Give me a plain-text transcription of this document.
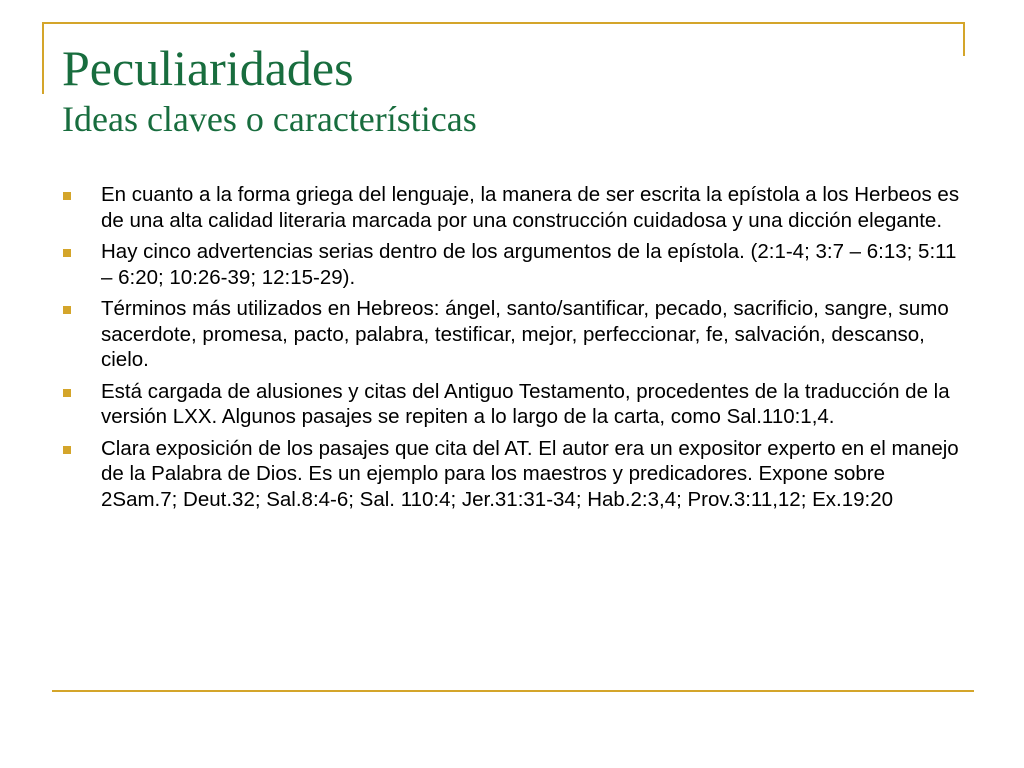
Peculiaridades
Ideas claves o características
En cuanto a la forma griega del lenguaje, la manera de ser escrita la epístola a los Herbeos es de una alta calidad literaria marcada por una construcción cuidadosa y una dicción elegante.
Hay cinco advertencias serias dentro de los argumentos de la epístola. (2:1-4; 3:7 – 6:13; 5:11 – 6:20; 10:26-39; 12:15-29).
Términos más utilizados en Hebreos: ángel, santo/santificar, pecado, sacrificio, sangre, sumo sacerdote, promesa, pacto, palabra, testificar, mejor, perfeccionar, fe, salvación, descanso, cielo.
Está cargada de alusiones y citas del Antiguo Testamento, procedentes de la traducción de la versión LXX. Algunos pasajes se repiten a lo largo de la carta, como Sal.110:1,4.
Clara exposición de los pasajes que cita del AT. El autor era un expositor experto en el manejo de la Palabra de Dios. Es un ejemplo para los maestros y predicadores. Expone sobre 2Sam.7; Deut.32; Sal.8:4-6; Sal. 110:4; Jer.31:31-34; Hab.2:3,4; Prov.3:11,12; Ex.19:20
